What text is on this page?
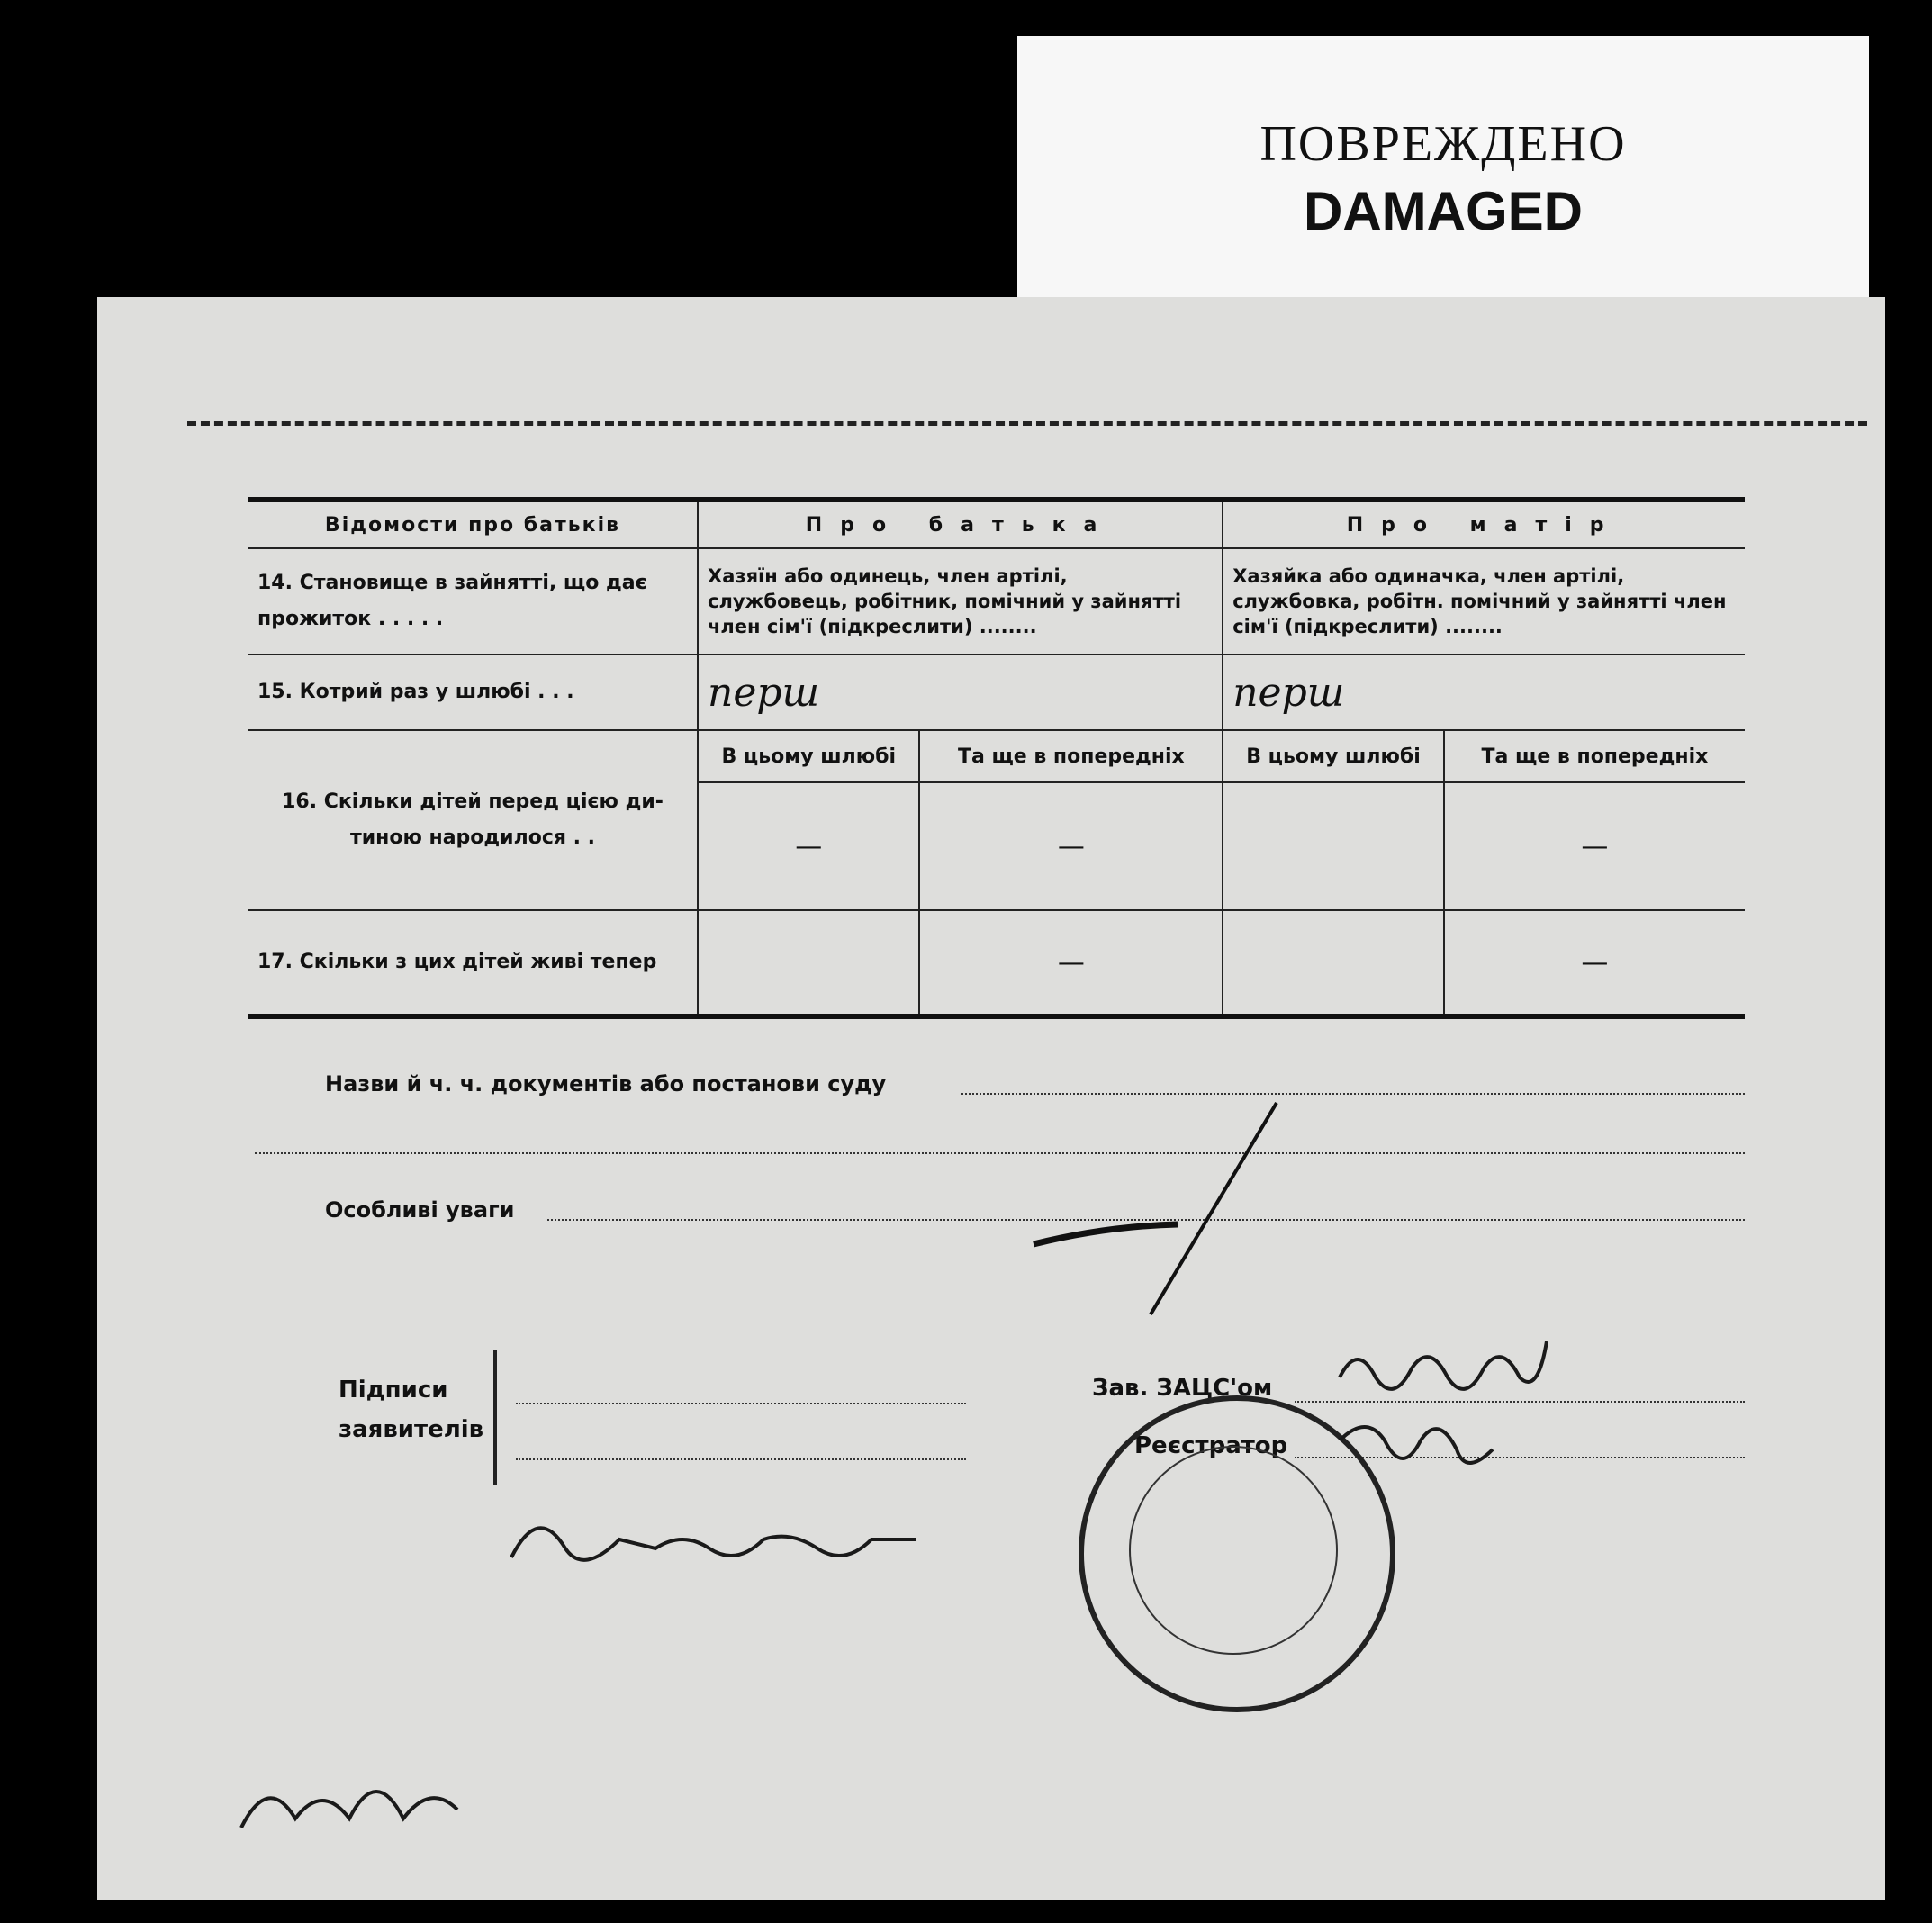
ПОВРЕЖДЕНО
DAMAGED
Відомости про батьків	Про батька		Про матір	

14. Становище в зайнятті, що дає
прожиток . . . . .	Хазяїн або одинець, член артілі, службовець, робітник, помічний у зайнятті член сім'ї (підкреслити) ........		Хазяйка або одиначка, член артілі, службовка, робітн. помічний у зайнятті член сім'ї (підкреслити) ........	
15. Котрий раз у шлюбі . . .	перш		перш	

16. Скільки дітей перед цією ди-
тиною народилося . .	В цьому шлюбі	Та ще в попередніх	В цьому шлюбі	Та ще в попередніх
	—	—		—
17. Скільки з цих дітей живі тепер		—		—
Назви й ч. ч. документів або постанови суду
Особливі уваги
Підписи
заявителів
Зав. ЗАЦС'ом
Реєстратор
